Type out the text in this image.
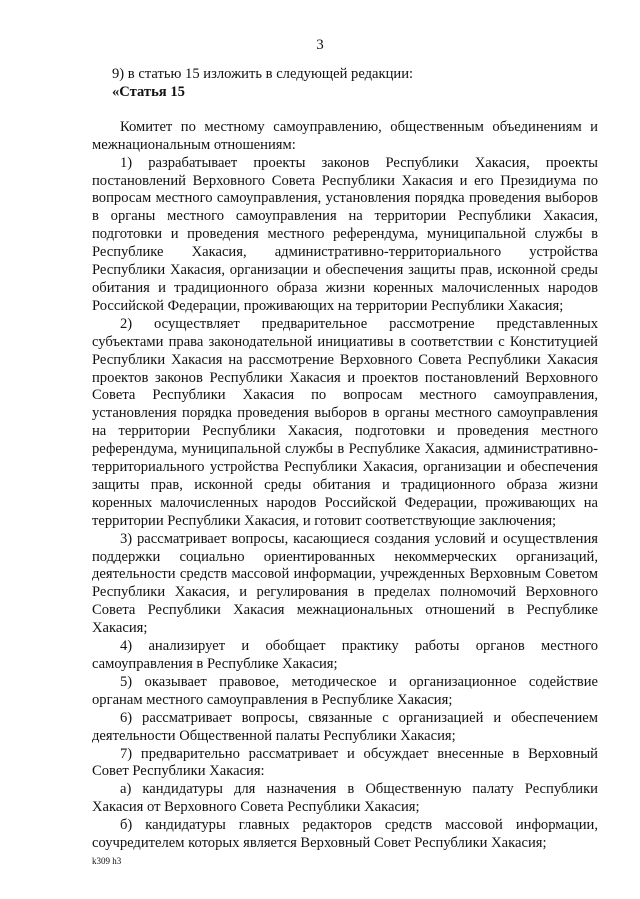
3

9) в статью 15 изложить в следующей редакции:

«Статья 15

Комитет по местному самоуправлению, общественным объединениям и межнациональным отношениям:

1) разрабатывает проекты законов Республики Хакасия, проекты постановлений Верховного Совета Республики Хакасия и его Президиума по вопросам местного самоуправления, установления порядка проведения выборов в органы местного самоуправления на территории Республики Хакасия, подготовки и проведения местного референдума, муниципальной службы в Республике Хакасия, административно-территориального устройства Республики Хакасия, организации и обеспечения защиты прав, исконной среды обитания и традиционного образа жизни коренных малочисленных народов Российской Федерации, проживающих на территории Республики Хакасия;

2) осуществляет предварительное рассмотрение представленных субъектами права законодательной инициативы в соответствии с Конституцией Республики Хакасия на рассмотрение Верховного Совета Республики Хакасия проектов законов Республики Хакасия и проектов постановлений Верховного Совета Республики Хакасия по вопросам местного самоуправления, установления порядка проведения выборов в органы местного самоуправления на территории Республики Хакасия, подготовки и проведения местного референдума, муниципальной службы в Республике Хакасия, административно-территориального устройства Республики Хакасия, организации и обеспечения защиты прав, исконной среды обитания и традиционного образа жизни коренных малочисленных народов Российской Федерации, проживающих на территории Республики Хакасия, и готовит соответствующие заключения;

3) рассматривает вопросы, касающиеся создания условий и осуществления поддержки социально ориентированных некоммерческих организаций, деятельности средств массовой информации, учрежденных Верховным Советом Республики Хакасия, и регулирования в пределах полномочий Верховного Совета Республики Хакасия межнациональных отношений в Республике Хакасия;

4) анализирует и обобщает практику работы органов местного самоуправления в Республике Хакасия;

5) оказывает правовое, методическое и организационное содействие органам местного самоуправления в Республике Хакасия;

6) рассматривает вопросы, связанные с организацией и обеспечением деятельности Общественной палаты Республики Хакасия;

7) предварительно рассматривает и обсуждает внесенные в Верховный Совет Республики Хакасия:

а) кандидатуры для назначения в Общественную палату Республики Хакасия от Верховного Совета Республики Хакасия;

б) кандидатуры главных редакторов средств массовой информации, соучредителем которых является Верховный Совет Республики Хакасия;

k309 h3
